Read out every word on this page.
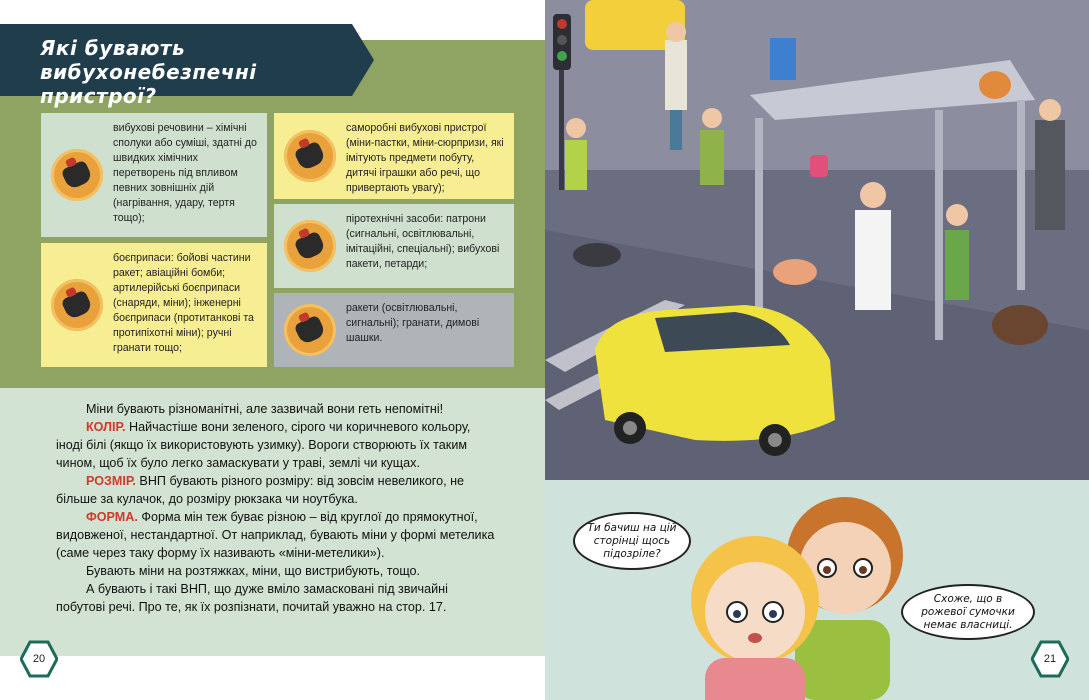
Які бувають
вибухонебезпечні пристрої?
вибухові речовини – хімічні сполуки або суміші, здатні до швидких хімічних перетворень під впливом певних зовнішніх дій (нагрівання, удару, тертя тощо);
саморобні вибухові пристрої (міни-пастки, міни-сюрпризи, які імітують предмети побуту, дитячі іграшки або речі, що привертають увагу);
боєприпаси: бойові частини ракет; авіаційні бомби; артилерійські боєприпаси (снаряди, міни); інженерні боєприпаси (протитанкові та протипіхотні міни); ручні гранати тощо;
піротехнічні засоби: патрони (сигнальні, освітлювальні, імітаційні, спеціальні); вибухові пакети, петарди;
ракети (освітлювальні, сигнальні); гранати, димові шашки.

Міни бувають різноманітні, але зазвичай вони геть непомітні!

КОЛІР. Найчастіше вони зеленого, сірого чи коричневого кольору, іноді білі (якщо їх використовують узимку). Вороги створюють їх таким чином, щоб їх було легко замаскувати у траві, землі чи кущах.

РОЗМІР. ВНП бувають різного розміру: від зовсім невеликого, не більше за кулачок, до розміру рюкзака чи ноутбука.

ФОРМА. Форма мін теж буває різною – від круглої до прямокутної, видовженої, нестандартної. От наприклад, бувають міни у формі метелика (саме через таку форму їх називають «міни-метелики»).

Бувають міни на розтяжках, міни, що вистрибують, тощо.

А бувають і такі ВНП, що дуже вміло замасковані під звичайні побутові речі. Про те, як їх розпізнати, почитай уважно на стор. 17.

20
Ти бачиш на цій сторінці щось підозріле?
Схоже, що в рожевої сумочки немає власниці.
21
